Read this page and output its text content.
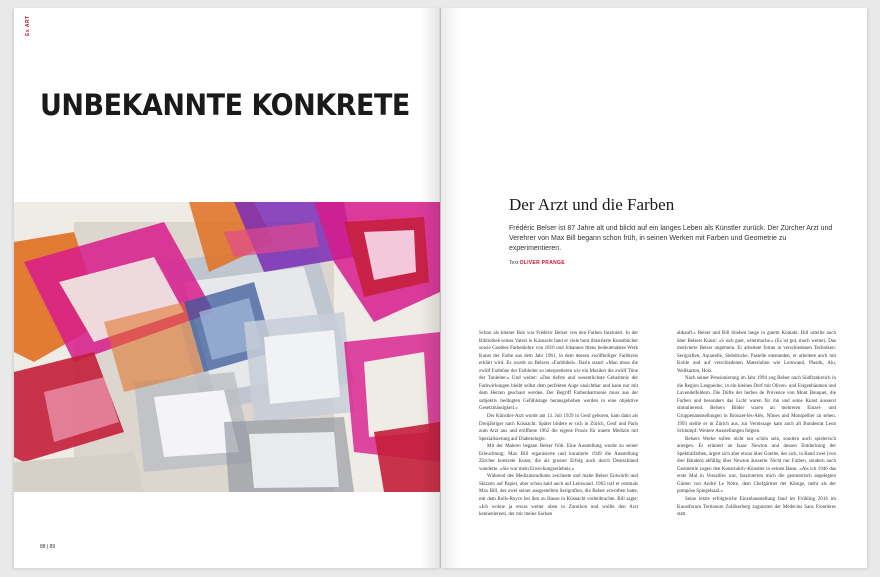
Ex ART
UNBEKANNTE KONKRETE
88 | 89
Der Arzt und die Farben
Frédéric Belser ist 87 Jahre alt und blickt auf ein langes Leben als Künstler zurück. Der Zürcher Arzt und Verehrer von Max Bill begann schon früh, in seinen Werken mit Farben und Geometrie zu experimentieren.
Text OLIVER PRANGE

Schon als kleiner Bub war Frédéric Belser von den Farben fasziniert. In der Bibliothek seines Vaters in Küsnacht fand er viele bunt illustrierte Kunstbücher sowie Goethes Farbenlehre von 1810 und Johannes Ittens bedeutendstes Werk Kunst der Farbe aus dem Jahr 1961, in dem dessen zwölfteiliger Farbkreis erklärt wird. Es wurde zu Belsers «Farbbibel». Darin stand: «Man muss die zwölf Farbtöne der Farbleiter so interpretieren wie ein Musiker die zwölf Töne der Tonleiter.» Und weiter: «Das tiefste und wesentlichste Geheimnis der Farbwirkungen bleibt selbst dem perfekten Auge unsichtbar und kann nur mit dem Herzen geschaut werden. Der Begriff Farbenharmonie muss aus der subjektiv bedingten Gefühlslage herausgehoben werden in eine objektive Gesetzmässigkeit.»

Der Künstler-Arzt wurde am 13. Juli 1929 in Genf geboren, kam dann als Dreijähriger nach Küsnacht. Später bildete er sich in Zürich, Genf und Paris zum Arzt aus und eröffnete 1962 die eigene Praxis für innere Medizin mit Spezialisierung auf Diabetologie.

Mit der Malerei begann Belser früh. Eine Ausstellung wurde zu seiner Erleuchtung: Max Bill organisierte und kuratierte 1949 die Ausstellung Zürcher konkrete Kunst, die als grosser Erfolg auch durch Deutschland wanderte. «Sie war mein Erweckungserlebnis.»

Während des Medizinstudiums zeichnete und malte Belser Entwürfe und Skizzen auf Papier, aber schon bald auch auf Leinwand. 1963 traf er erstmals Max Bill, der zwei seiner ausgestellten Serigrafien, die Belser erworben hatte, mit dem Rolls-Royce bei ihm zu Hause in Küsnacht vorbeibrachte. Bill sagte: «Ich wohne ja etwas weiter oben in Zumikon und wollte den Arzt kennenlernen, der mir meine Sachen

abkauft.» Belser und Bill blieben lange in gutem Kontakt. Bill urteilte auch über Belsers Kunst: «S isch guet, witermache.» (Es ist gut, mach weiter). Das motivierte Belser ungemein. Er arbeitete fortan in verschiedenen Techniken: Serigrafien, Aquarelle, Siebdrucke, Pastelle entstanden, er arbeitete auch mit Kohle und auf verschiedenen Materialien wie Leinwand, Plastik, Alu, Wellkarton, Holz.

Nach seiner Pensionierung im Jahr 1994 zog Belser nach Südfrankreich in die Region Languedoc, in ein kleines Dorf mit Oliven- und Feigenbäumen und Lavendelfeldern. Die Düfte der herbes de Provence von Mont Bouquet, die Farben und besonders das Licht waren für ihn und seine Kunst äusserst stimulierend. Belsers Bilder waren an mehreren Einzel- und Gruppenausstellungen in Brouzet-lès-Alès, Nîmes und Montpellier zu sehen. 1993 stellte er in Zürich aus, zur Vernissage kam auch alt Bundesrat Leon Schlumpf. Weitere Ausstellungen folgten.

Belsers Werke sollen nicht nur schön sein, sondern auch spielerisch anregen. Er erinnert an Isaac Newton und dessen Entdeckung der Spektralfarben, ärgert sich aber etwas über Goethe, der sich, in Band zwei (von drei Bänden) abfällig über Newton äusserte. Nicht nur Farben, sondern auch Geometrie zogen den Konstruktiv-Künstler in seinen Bann. «Als ich 1946 das erste Mal in Versailles war, faszinierten mich die geometrisch angelegten Gärten von André Le Nôtre, dem Chefgärtner der Könige, mehr als der pompöse Spiegelsaal.»

Seine letzte erfolgreiche Einzelausstellung fand im Frühling 2016 im Kunstforum Tertianum Zollikerberg zugunsten der Médecins Sans Frontières statt.
